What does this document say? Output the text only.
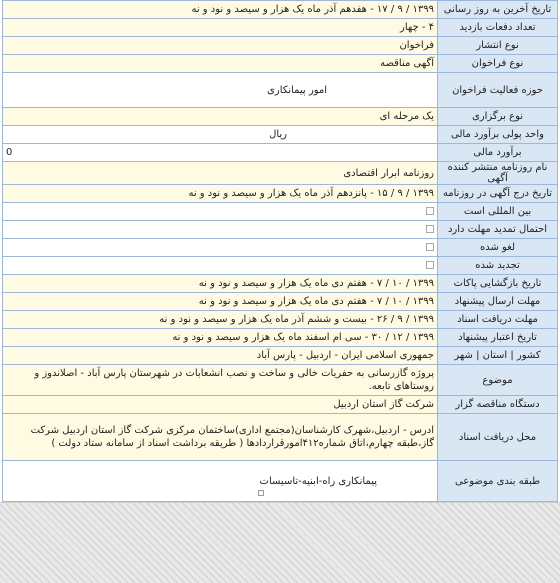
تاریخ آخرین به روز رسانی	۱۳۹۹ / ۹ / ۱۷ - هفدهم آذر ماه یک هزار و سیصد و نود و نه
تعداد دفعات بازدید	۴ - چهار
نوع انتشار	فراخوان
نوع فراخوان	آگهی مناقصه
حوزه فعالیت فراخوان	امور پیمانکاری
نوع برگزاری	یک مرحله ای
واحد پولی برآورد مالی	ریال
برآورد مالی	0
نام روزنامه منتشر کننده آگهی	روزنامه ابرار اقتصادی
تاریخ درج آگهی در روزنامه	۱۳۹۹ / ۹ / ۱۵ - پانزدهم آذر ماه یک هزار و سیصد و نود و نه
بین المللی است	
احتمال تمدید مهلت دارد	
لغو شده	
تجدید شده	
تاریخ بازگشایی پاکات	۱۳۹۹ / ۱۰ / ۷ - هفتم دی ماه یک هزار و سیصد و نود و نه
مهلت ارسال پیشنهاد	۱۳۹۹ / ۱۰ / ۷ - هفتم دی ماه یک هزار و سیصد و نود و نه
مهلت دریافت اسناد	۱۳۹۹ / ۹ / ۲۶ - بیست و ششم آذر ماه یک هزار و سیصد و نود و نه
تاریخ اعتبار پیشنهاد	۱۳۹۹ / ۱۲ / ۳۰ - سی ام اسفند ماه یک هزار و سیصد و نود و نه
کشور | استان | شهر	جمهوری اسلامی ایران - اردبیل - پارس آباد
موضوع	پروژه گازرسانی به حفریات خالی و ساخت و نصب انشعابات در شهرستان پارس آباد - اصلاندوز و روستاهای تابعه.
دستگاه مناقصه گزار	شرکت گاز استان اردبیل
محل دریافت اسناد	ادرس - اردبیل،شهرک کارشناسان(مجتمع اداری)ساختمان مرکزی شرکت گاز استان اردبیل شرکت گاز،طبقه چهارم،اتاق شماره۴۱۲امورقراردادها ( طریقه برداشت اسناد از سامانه ستاد دولت )
طبقه بندی موضوعی	پیمانکاری راه-ابنیه-تاسیسات
